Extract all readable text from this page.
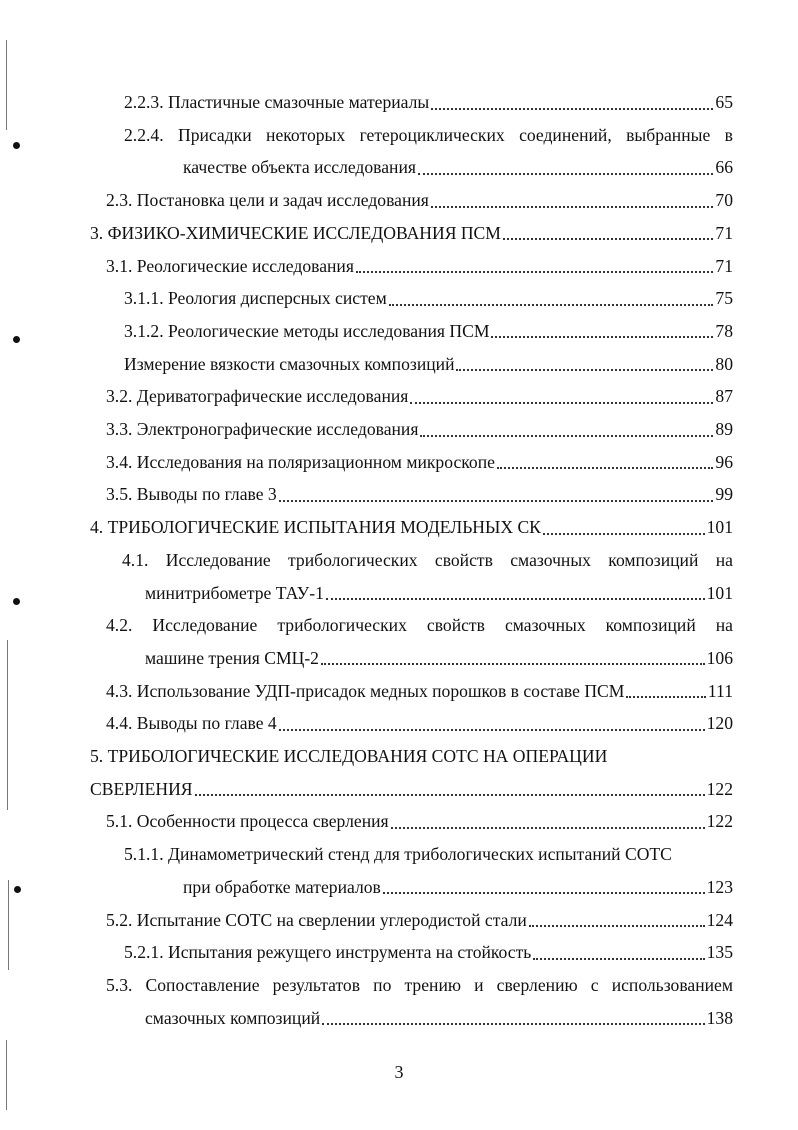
2.2.3. Пластичные смазочные материалы	65
2.2.4. Присадки некоторых гетероциклических соединений, выбранные в
качестве объекта исследования	66
2.3. Постановка цели и задач исследования	70
3. ФИЗИКО-ХИМИЧЕСКИЕ ИССЛЕДОВАНИЯ ПСМ	71
3.1. Реологические исследования	71
3.1.1. Реология дисперсных систем	75
3.1.2. Реологические методы исследования ПСМ	78
Измерение вязкости смазочных композиций	80
3.2. Дериватографические исследования	87
3.3. Электронографические исследования	89
3.4. Исследования на поляризационном микроскопе	96
3.5. Выводы по главе 3	99
4. ТРИБОЛОГИЧЕСКИЕ ИСПЫТАНИЯ МОДЕЛЬНЫХ СК	101
4.1. Исследование трибологических свойств смазочных композиций на
минитрибометре ТАУ-1	101
4.2. Исследование трибологических свойств смазочных композиций на
машине трения СМЦ-2	106
4.3. Использование УДП-присадок медных порошков в составе ПСМ	111
4.4. Выводы по главе 4	120
5. ТРИБОЛОГИЧЕСКИЕ ИССЛЕДОВАНИЯ СОТС НА ОПЕРАЦИИ
СВЕРЛЕНИЯ	122
5.1. Особенности процесса сверления	122
5.1.1. Динамометрический стенд для трибологических испытаний СОТС
при обработке материалов	123
5.2. Испытание СОТС на сверлении углеродистой стали	124
5.2.1. Испытания режущего инструмента на стойкость	135
5.3. Сопоставление результатов по трению и сверлению с использованием
смазочных композиций	138
3
